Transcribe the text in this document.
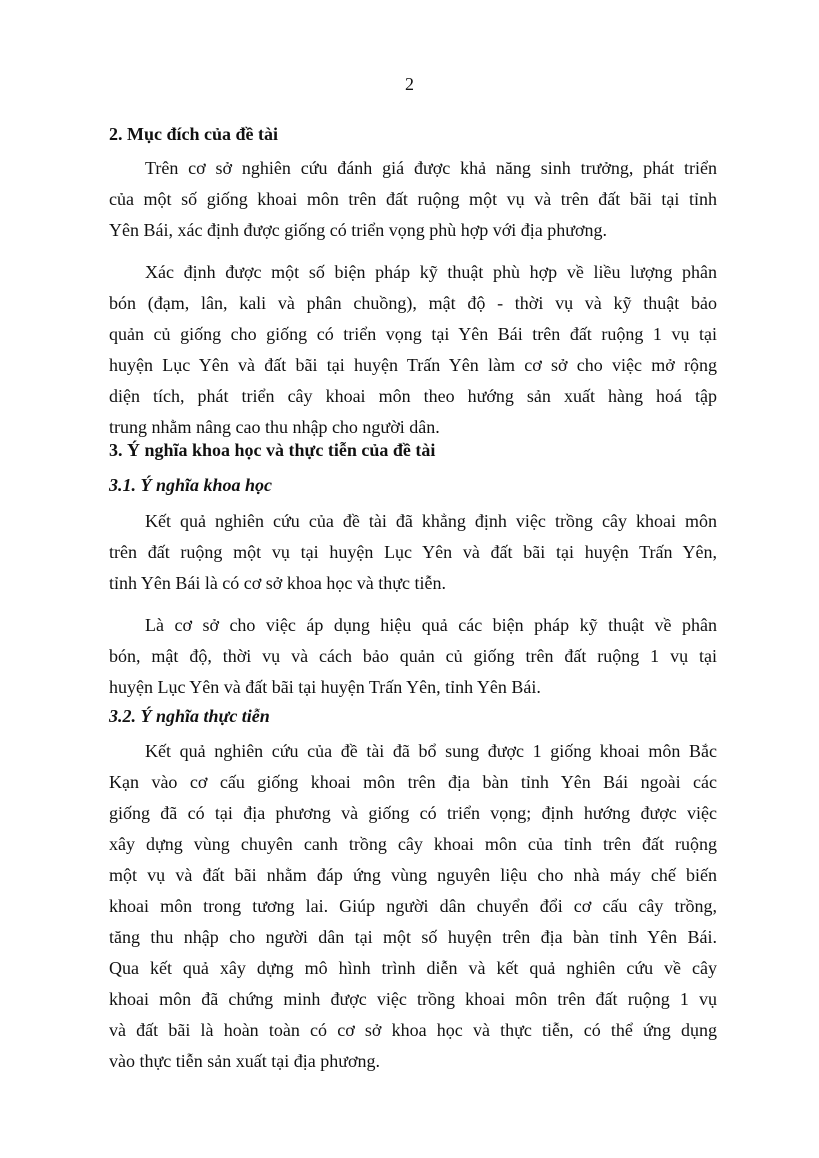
2
2. Mục đích của đề tài
Trên cơ sở nghiên cứu đánh giá được khả năng sinh trưởng, phát triển
của một số giống khoai môn trên đất ruộng một vụ và trên đất bãi tại tỉnh
Yên Bái, xác định được giống có triển vọng phù hợp với địa phương.
Xác định được một số biện pháp kỹ thuật phù hợp về liều lượng phân
bón (đạm, lân, kali và phân chuồng), mật độ - thời vụ và kỹ thuật bảo
quản củ giống cho giống có triển vọng tại Yên Bái trên đất ruộng 1 vụ tại
huyện Lục Yên và đất bãi tại huyện Trấn Yên làm cơ sở cho việc mở rộng
diện tích, phát triển cây khoai môn theo hướng sản xuất hàng hoá tập
trung nhằm nâng cao thu nhập cho người dân.
3. Ý nghĩa khoa học và thực tiễn của đề tài
3.1. Ý nghĩa khoa học
Kết quả nghiên cứu của đề tài đã khẳng định việc trồng cây khoai môn
trên đất ruộng một vụ tại huyện Lục Yên và đất bãi tại huyện Trấn Yên,
tỉnh Yên Bái là có cơ sở khoa học và thực tiễn.
Là cơ sở cho việc áp dụng hiệu quả các biện pháp kỹ thuật về phân
bón, mật độ, thời vụ và cách bảo quản củ giống trên đất ruộng 1 vụ tại
huyện Lục Yên và đất bãi tại huyện Trấn Yên, tỉnh Yên Bái.
3.2. Ý nghĩa thực tiễn
Kết quả nghiên cứu của đề tài đã bổ sung được 1 giống khoai môn Bắc
Kạn vào cơ cấu giống khoai môn trên địa bàn tỉnh Yên Bái ngoài các
giống đã có tại địa phương và giống có triển vọng; định hướng được việc
xây dựng vùng chuyên canh trồng cây khoai môn của tỉnh trên đất ruộng
một vụ và đất bãi nhằm đáp ứng vùng nguyên liệu cho nhà máy chế biến
khoai môn trong tương lai. Giúp người dân chuyển đổi cơ cấu cây trồng,
tăng thu nhập cho người dân tại một số huyện trên địa bàn tỉnh Yên Bái.
Qua kết quả xây dựng mô hình trình diễn và kết quả nghiên cứu về cây
khoai môn đã chứng minh được việc trồng khoai môn trên đất ruộng 1 vụ
và đất bãi là hoàn toàn có cơ sở khoa học và thực tiễn, có thể ứng dụng
vào thực tiễn sản xuất tại địa phương.
